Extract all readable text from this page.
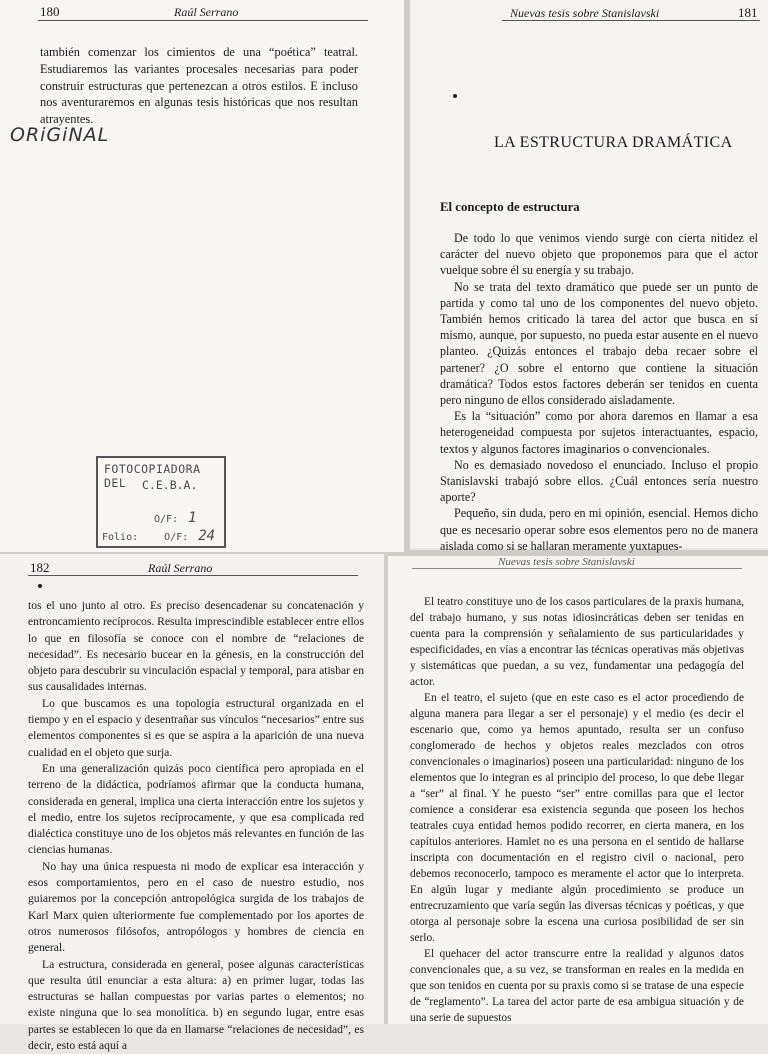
180	Raúl Serrano

también comenzar los cimientos de una “poética” teatral. Estudiaremos las variantes procesales necesarias para poder construir estructuras que pertenezcan a otros estilos. E incluso nos aventuraremos en algunas tesis históricas que nos resultan atrayentes.

ORiGiNAL
FOTOCOPIADORA DEL	C.E.B.A.
O/F: 1
Folio:	O/F: 24
Nuevas tesis sobre Stanislavski	181
LA ESTRUCTURA DRAMÁTICA
El concepto de estructura

De todo lo que venimos viendo surge con cierta nitidez el carácter del nuevo objeto que proponemos para que el actor vuelque sobre él su energía y su trabajo.

No se trata del texto dramático que puede ser un punto de partida y como tal uno de los componentes del nuevo objeto. También hemos criticado la tarea del actor que busca en sí mismo, aunque, por supuesto, no pueda estar ausente en el nuevo planteo. ¿Quizás entonces el trabajo deba recaer sobre el partener? ¿O sobre el entorno que contiene la situación dramática? Todos estos factores deberán ser tenidos en cuenta pero ninguno de ellos considerado aisladamente.

Es la “situación” como por ahora daremos en llamar a esa heterogeneidad compuesta por sujetos interactuantes, espacio, textos y algunos factores imaginarios o convencionales.

No es demasiado novedoso el enunciado. Incluso el propio Stanislavski trabajó sobre ellos. ¿Cuál entonces sería nuestro aporte?

Pequeño, sin duda, pero en mi opinión, esencial. Hemos dicho que es necesario operar sobre esos elementos pero no de manera aislada como si se hallaran meramente yuxtapues-

182	Raúl Serrano

tos el uno junto al otro. Es preciso desencadenar su concatenación y entroncamiento recíprocos. Resulta imprescindible establecer entre ellos lo que en filosofía se conoce con el nombre de “relaciones de necesidad”. Es necesario bucear en la génesis, en la construcción del objeto para descubrir su vinculación espacial y temporal, para atisbar en sus causalidades internas.

Lo que buscamos es una topología estructural organizada en el tiempo y en el espacio y desentrañar sus vínculos “necesarios” entre sus elementos componentes si es que se aspira a la aparición de una nueva cualidad en el objeto que surja.

En una generalización quizás poco científica pero apropiada en el terreno de la didáctica, podríamos afirmar que la conducta humana, considerada en general, implica una cierta interacción entre los sujetos y el medio, entre los sujetos recíprocamente, y que esa complicada red dialéctica constituye uno de los objetos más relevantes en función de las ciencias humanas.

No hay una única respuesta ni modo de explicar esa interacción y esos comportamientos, pero en el caso de nuestro estudio, nos guiaremos por la concepción antropológica surgida de los trabajos de Karl Marx quien ulteriormente fue complementado por los aportes de otros numerosos filósofos, antropólogos y hombres de ciencia en general.

La estructura, considerada en general, posee algunas características que resulta útil enunciar a esta altura: a) en primer lugar, todas las estructuras se hallan compuestas por varias partes o elementos; no existe ninguna que lo sea monolítica. b) en segundo lugar, entre esas partes se establecen lo que da en llamarse “relaciones de necesidad”, es decir, esto está aquí a

Nuevas tesis sobre Stanislavski

El teatro constituye uno de los casos particulares de la praxis humana, del trabajo humano, y sus notas idiosincráticas deben ser tenidas en cuenta para la comprensión y señalamiento de sus particularidades y especificidades, en vías a encontrar las técnicas operativas más objetivas y sistemáticas que puedan, a su vez, fundamentar una pedagogía del actor.

En el teatro, el sujeto (que en este caso es el actor procediendo de alguna manera para llegar a ser el personaje) y el medio (es decir el escenario que, como ya hemos apuntado, resulta ser un confuso conglomerado de hechos y objetos reales mezclados con otros convencionales o imaginarios) poseen una particularidad: ninguno de los elementos que lo integran es al principio del proceso, lo que debe llegar a “ser” al final. Y he puesto “ser” entre comillas para que el lector comience a considerar esa existencia segunda que poseen los hechos teatrales cuya entidad hemos podido recorrer, en cierta manera, en los capítulos anteriores. Hamlet no es una persona en el sentido de hallarse inscripta con documentación en el registro civil o nacional, pero debemos reconocerlo, tampoco es meramente el actor que lo interpreta. En algún lugar y mediante algún procedimiento se produce un entrecruzamiento que varía según las diversas técnicas y poéticas, y que otorga al personaje sobre la escena una curiosa posibilidad de ser sin serlo.

El quehacer del actor transcurre entre la realidad y algunos datos convencionales que, a su vez, se transforman en reales en la medida en que son tenidos en cuenta por su praxis como si se tratase de una especie de “reglamento”. La tarea del actor parte de esa ambigua situación y de una serie de supuestos
